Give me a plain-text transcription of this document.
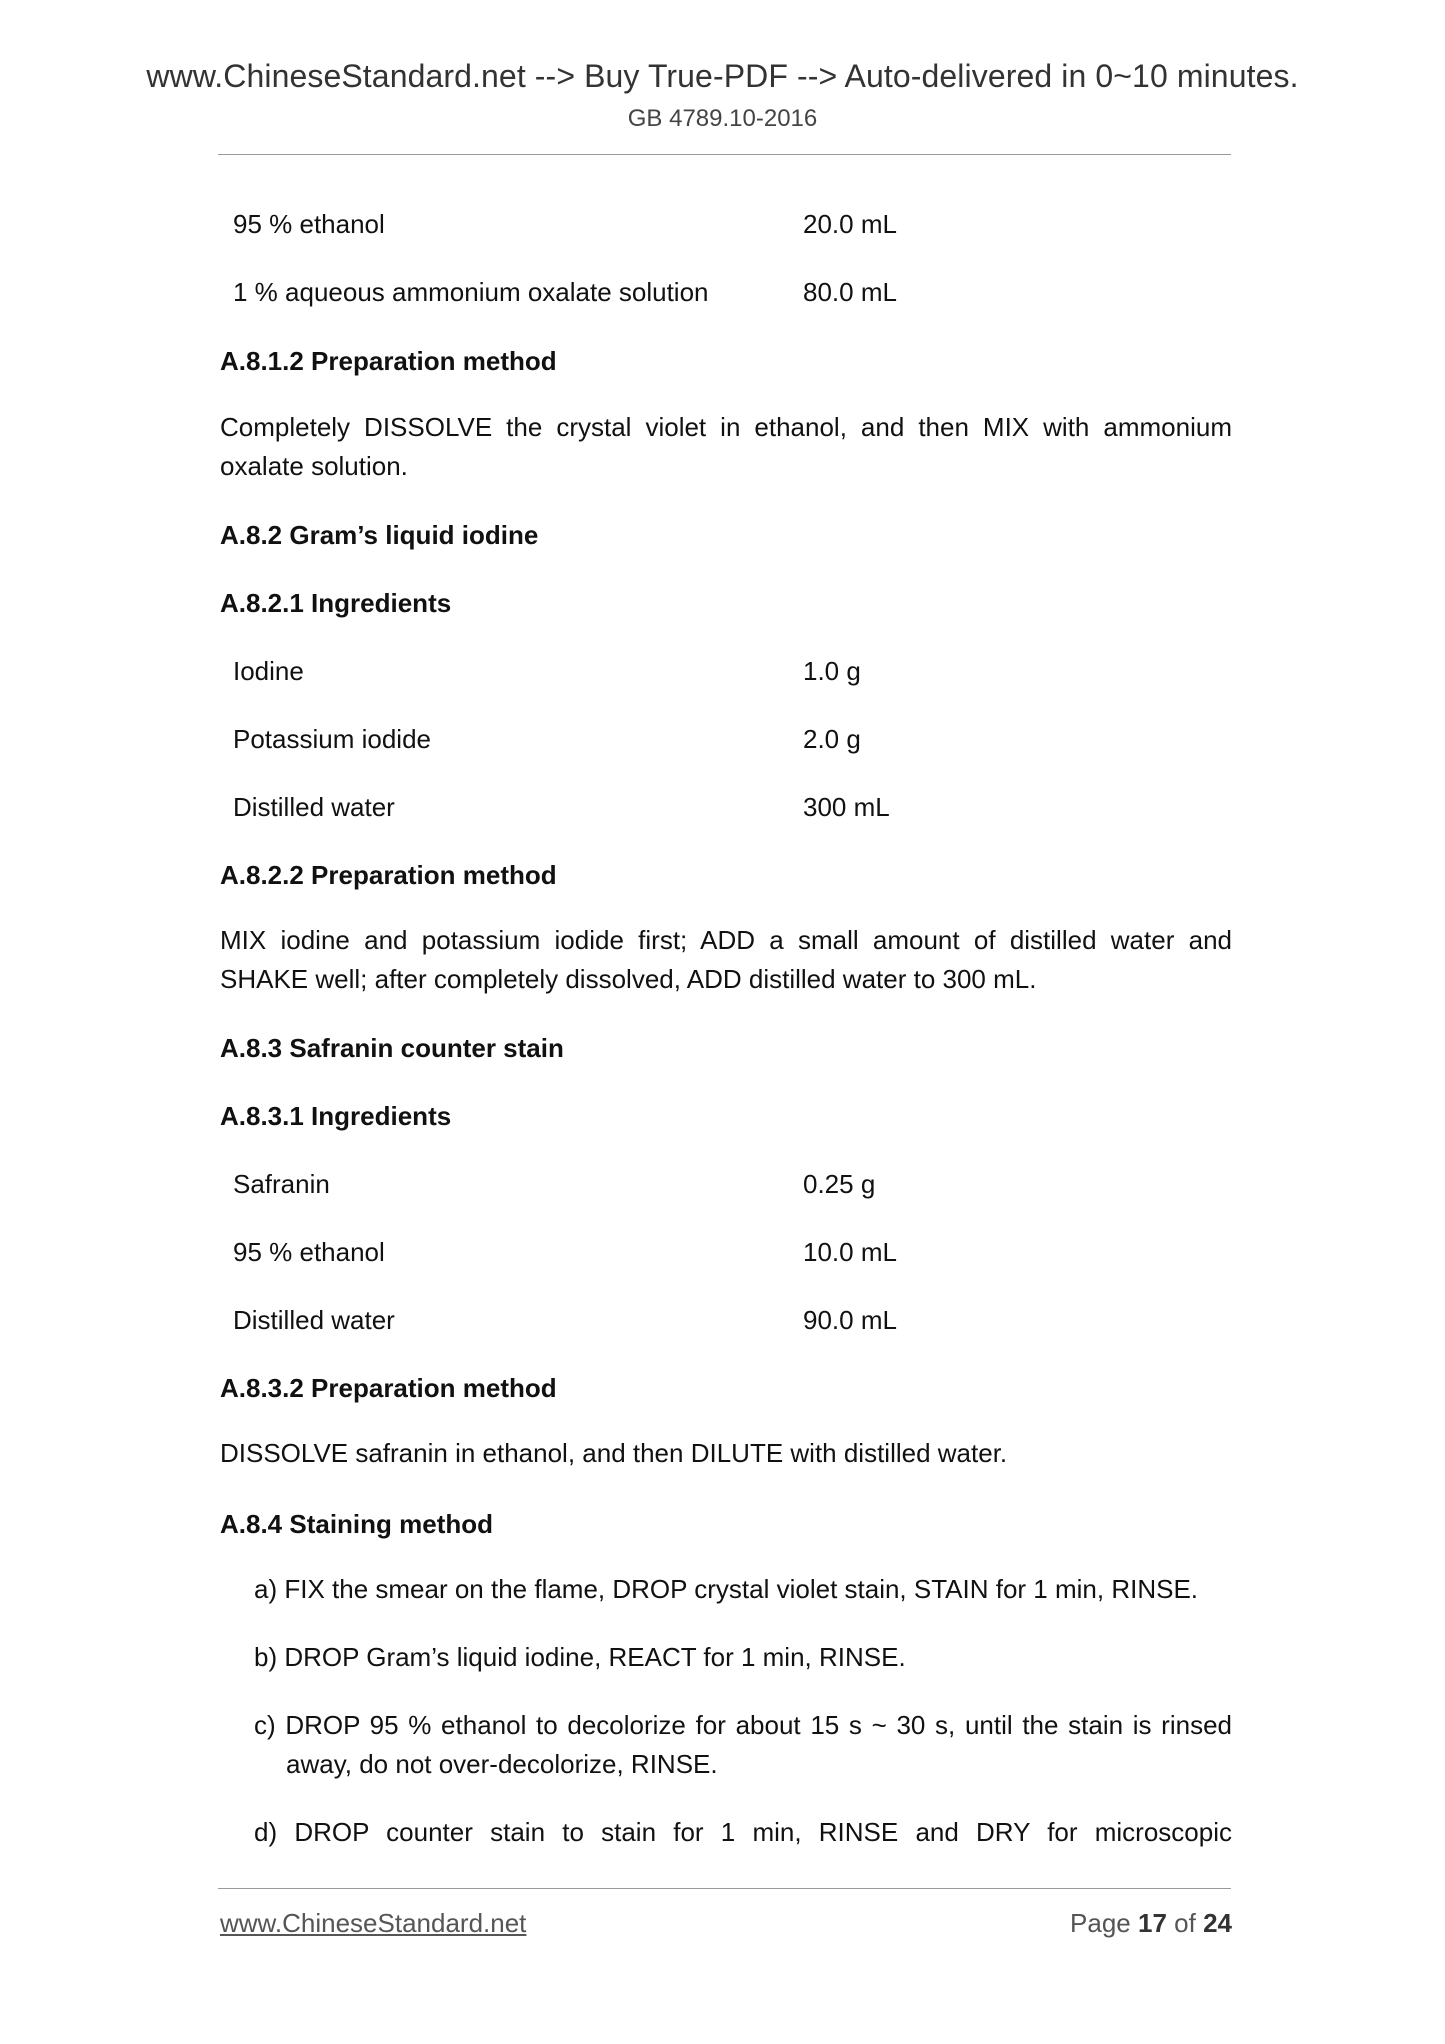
www.ChineseStandard.net --> Buy True-PDF --> Auto-delivered in 0~10 minutes.
GB 4789.10-2016
95 % ethanol	20.0 mL
1 % aqueous ammonium oxalate solution	80.0 mL
A.8.1.2 Preparation method

Completely DISSOLVE the crystal violet in ethanol, and then MIX with ammonium oxalate solution.

A.8.2 Gram’s liquid iodine
A.8.2.1 Ingredients
Iodine	1.0 g
Potassium iodide	2.0 g
Distilled water	300 mL
A.8.2.2 Preparation method

MIX iodine and potassium iodide first; ADD a small amount of distilled water and SHAKE well; after completely dissolved, ADD distilled water to 300 mL.

A.8.3 Safranin counter stain
A.8.3.1 Ingredients
Safranin	0.25 g
95 % ethanol	10.0 mL
Distilled water	90.0 mL
A.8.3.2 Preparation method

DISSOLVE safranin in ethanol, and then DILUTE with distilled water.

A.8.4 Staining method

a) FIX the smear on the flame, DROP crystal violet stain, STAIN for 1 min, RINSE.

b) DROP Gram’s liquid iodine, REACT for 1 min, RINSE.

c) DROP 95 % ethanol to decolorize for about 15 s ~ 30 s, until the stain is rinsed away, do not over-decolorize, RINSE.

d) DROP counter stain to stain for 1 min, RINSE and DRY for microscopic

www.ChineseStandard.net	Page 17 of 24
